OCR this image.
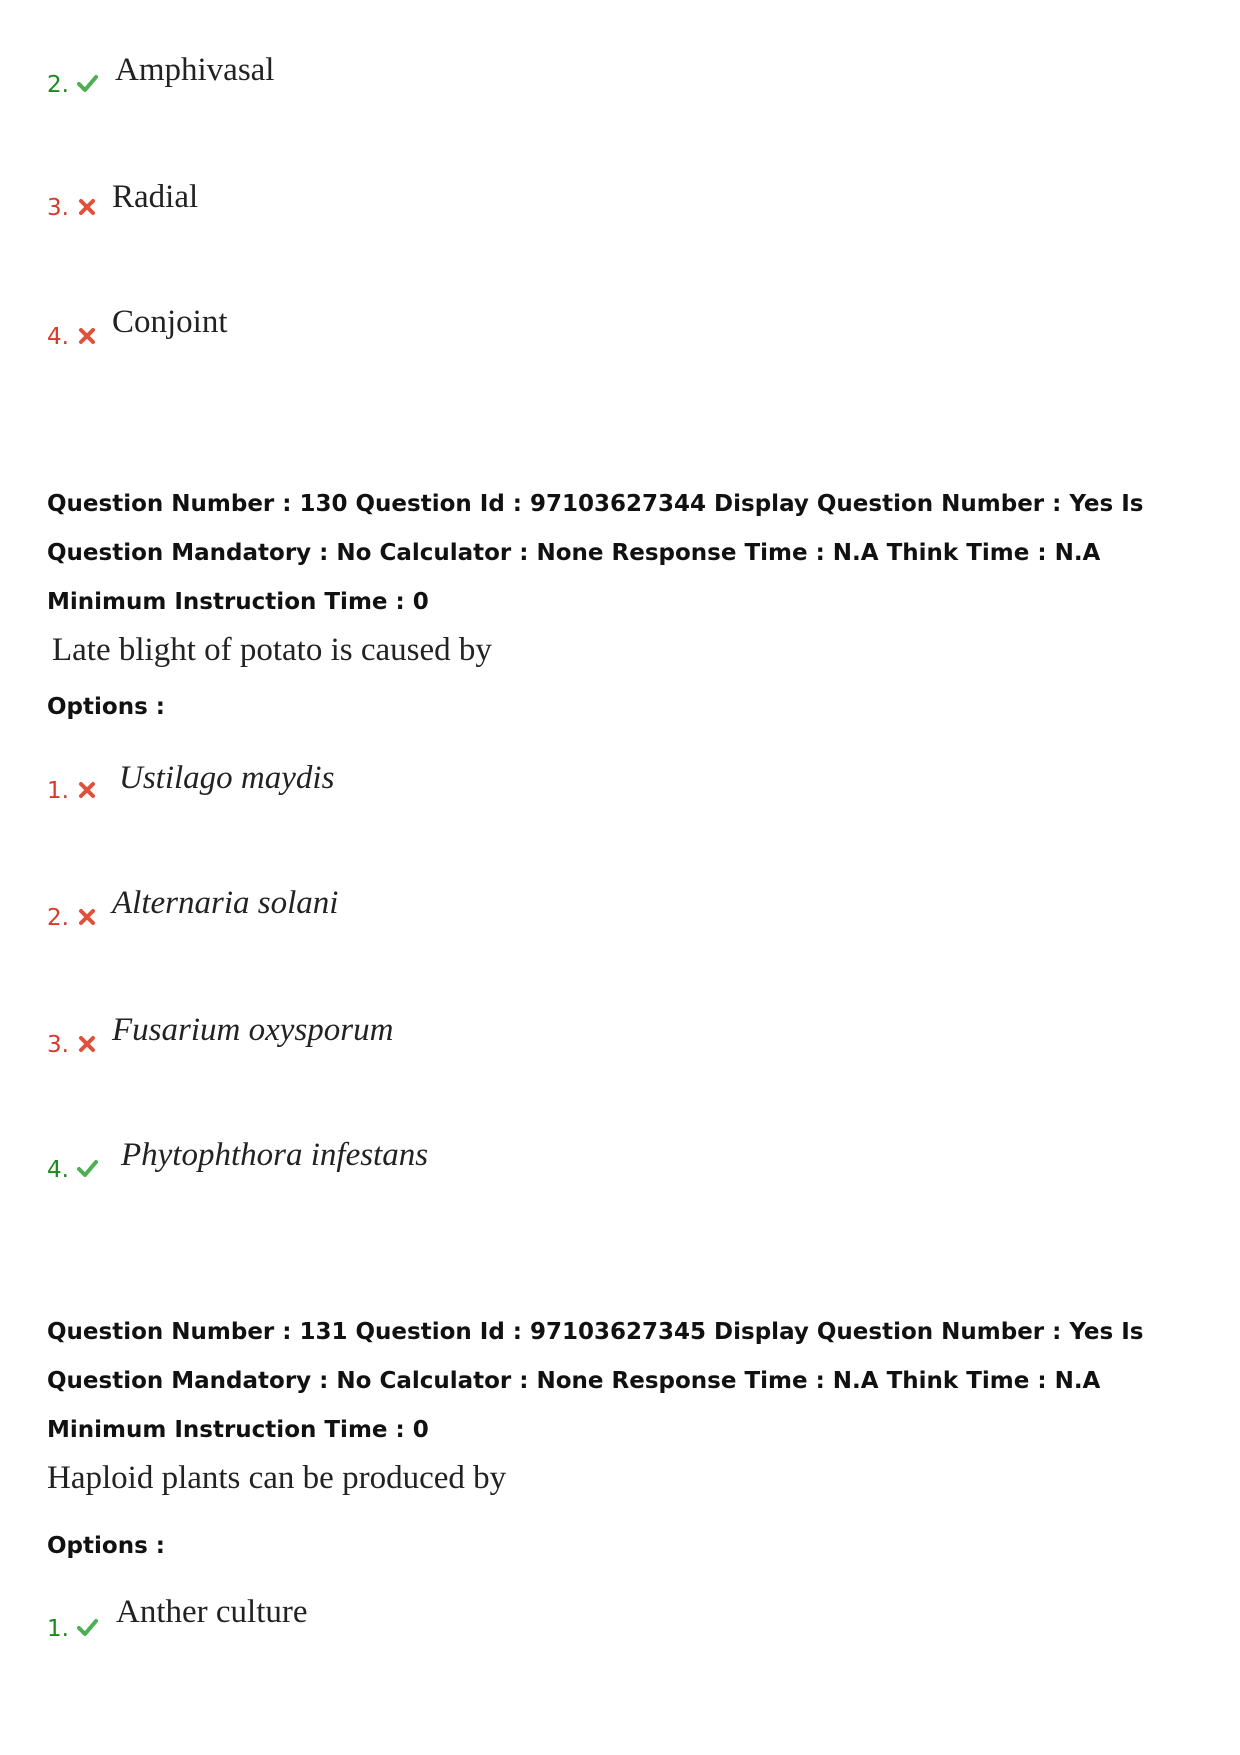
2. Amphivasal
3. Radial
4. Conjoint

Question Number : 130 Question Id : 97103627344 Display Question Number : Yes Is Question Mandatory : No Calculator : None Response Time : N.A Think Time : N.A Minimum Instruction Time : 0

Late blight of potato is caused by
Options :
1. Ustilago maydis
2. Alternaria solani
3. Fusarium oxysporum
4. Phytophthora infestans

Question Number : 131 Question Id : 97103627345 Display Question Number : Yes Is Question Mandatory : No Calculator : None Response Time : N.A Think Time : N.A Minimum Instruction Time : 0

Haploid plants can be produced by
Options :
1. Anther culture
